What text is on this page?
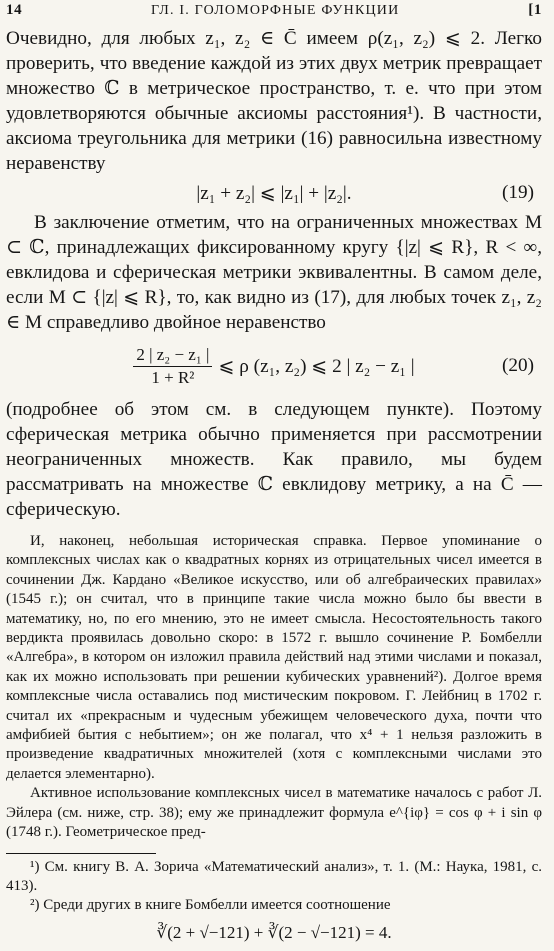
14	ГЛ. I. ГОЛОМОРФНЫЕ ФУНКЦИИ	[1

Очевидно, для любых z₁, z₂ ∈ C̄ имеем ρ(z₁, z₂) ⩽ 2. Легко проверить, что введение каждой из этих двух метрик превращает множество ℂ в метрическое пространство, т. е. что при этом удовлетворяются обычные аксиомы расстояния¹). В частности, аксиома треугольника для метрики (16) равносильна известному неравенству

|z₁ + z₂| ⩽ |z₁| + |z₂|.	(19)

В заключение отметим, что на ограниченных множествах M ⊂ ℂ, принадлежащих фиксированному кругу {|z| ⩽ R}, R < ∞, евклидова и сферическая метрики эквивалентны. В самом деле, если M ⊂ {|z| ⩽ R}, то, как видно из (17), для любых точек z₁, z₂ ∈ M справедливо двойное неравенство

$\frac{\text{2 | z₂ − z₁ |}}{\text{1 + R²}}$ ⩽ ρ (z₁, z₂) ⩽ 2 | z₂ − z₁ |	(20)

(подробнее об этом см. в следующем пункте). Поэтому сферическая метрика обычно применяется при рассмотрении неограниченных множеств. Как правило, мы будем рассматривать на множестве ℂ евклидову метрику, а на C̄ — сферическую.

И, наконец, небольшая историческая справка. Первое упоминание о комплексных числах как о квадратных корнях из отрицательных чисел имеется в сочинении Дж. Кардано «Великое искусство, или об алгебраических правилах» (1545 г.); он считал, что в принципе такие числа можно было бы ввести в математику, но, по его мнению, это не имеет смысла. Несостоятельность такого вердикта проявилась довольно скоро: в 1572 г. вышло сочинение Р. Бомбелли «Алгебра», в котором он изложил правила действий над этими числами и показал, как их можно использовать при решении кубических уравнений²). Долгое время комплексные числа оставались под мистическим покровом. Г. Лейбниц в 1702 г. считал их «прекрасным и чудесным убежищем человеческого духа, почти что амфибией бытия с небытием»; он же полагал, что x⁴ + 1 нельзя разложить в произведение квадратичных множителей (хотя с комплексными числами это делается элементарно).

Активное использование комплексных чисел в математике началось с работ Л. Эйлера (см. ниже, стр. 38); ему же принадлежит формула e^{iφ} = cos φ + i sin φ (1748 г.). Геометрическое пред-

¹) См. книгу В. А. Зорича «Математический анализ», т. 1. (М.: Наука, 1981, с. 413).

²) Среди других в книге Бомбелли имеется соотношение

∛(2 + √−121) + ∛(2 − √−121) = 4.
